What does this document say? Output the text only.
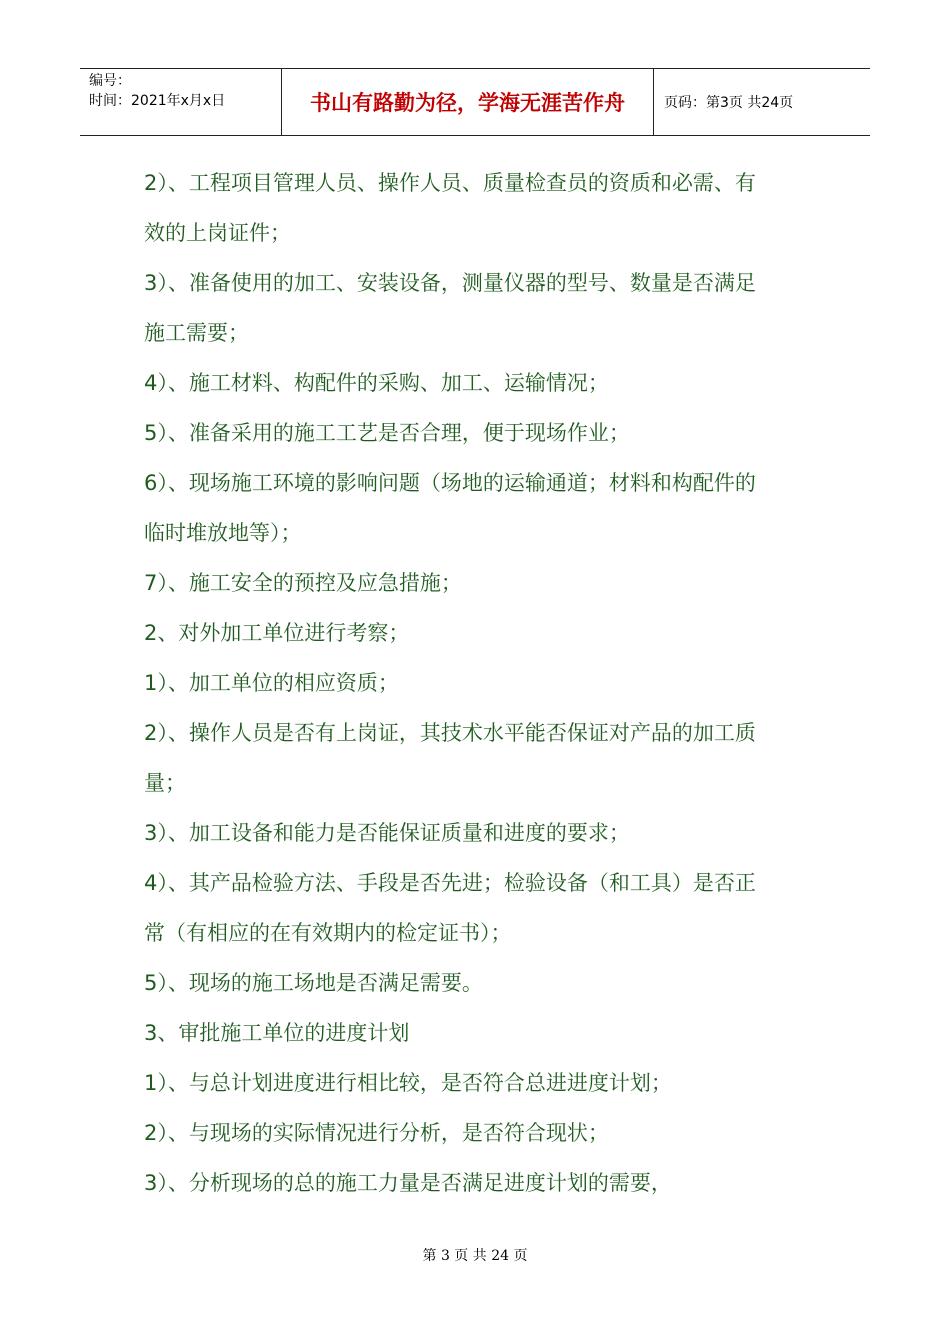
编号：
时间：2021年x月x日	书山有路勤为径，学海无涯苦作舟	页码：第3页 共24页

2）、工程项目管理人员、操作人员、质量检查员的资质和必需、有

效的上岗证件；

3）、准备使用的加工、安装设备，测量仪器的型号、数量是否满足

施工需要；

4）、施工材料、构配件的采购、加工、运输情况；

5）、准备采用的施工工艺是否合理，便于现场作业；

6）、现场施工环境的影响问题（场地的运输通道；材料和构配件的

临时堆放地等）；

7）、施工安全的预控及应急措施；

2、对外加工单位进行考察；

1）、加工单位的相应资质；

2）、操作人员是否有上岗证，其技术水平能否保证对产品的加工质

量；

3）、加工设备和能力是否能保证质量和进度的要求；

4）、其产品检验方法、手段是否先进；检验设备（和工具）是否正

常（有相应的在有效期内的检定证书）；

5）、现场的施工场地是否满足需要。

3、审批施工单位的进度计划

1）、与总计划进度进行相比较，是否符合总进进度计划；

2）、与现场的实际情况进行分析，是否符合现状；

3）、分析现场的总的施工力量是否满足进度计划的需要，

第 3 页 共 24 页
